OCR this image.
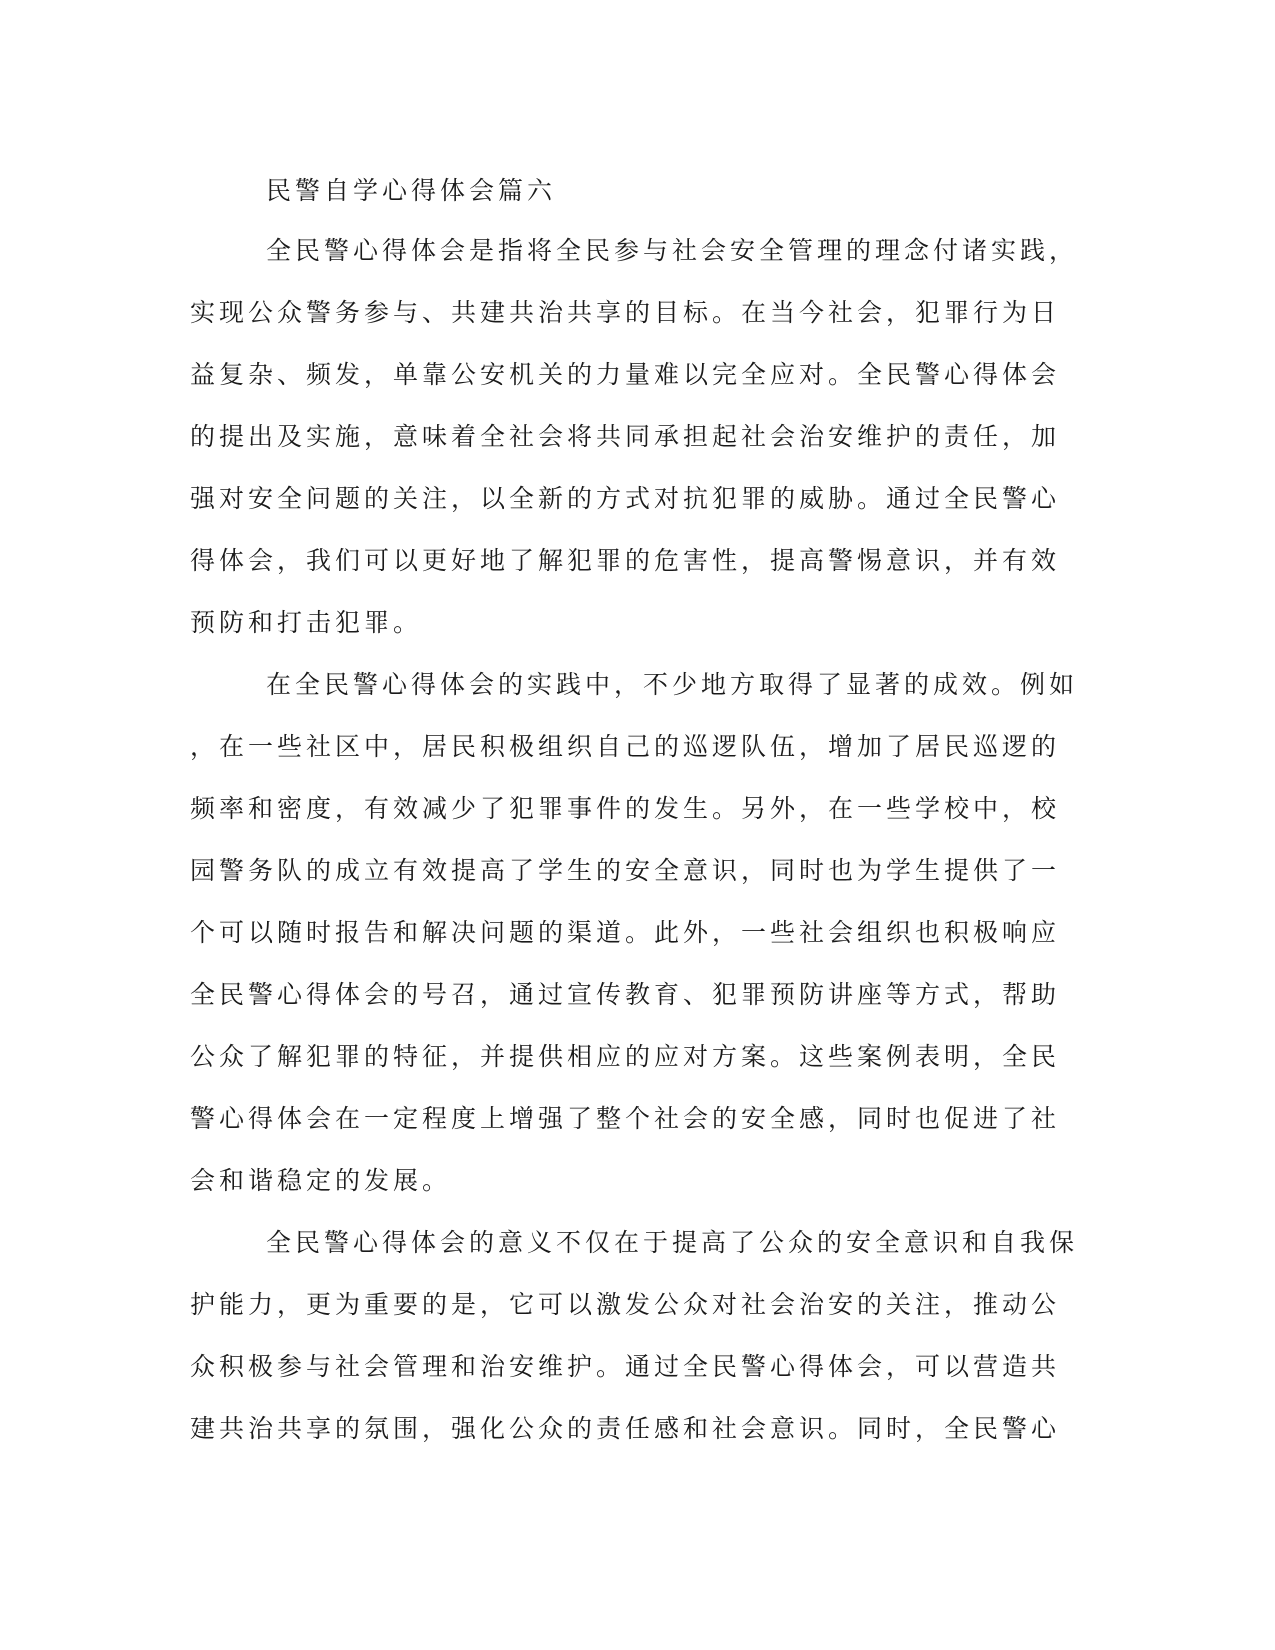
民警自学心得体会篇六

全民警心得体会是指将全民参与社会安全管理的理念付诸实践，
实现公众警务参与、共建共治共享的目标。在当今社会，犯罪行为日
益复杂、频发，单靠公安机关的力量难以完全应对。全民警心得体会
的提出及实施，意味着全社会将共同承担起社会治安维护的责任，加
强对安全问题的关注，以全新的方式对抗犯罪的威胁。通过全民警心
得体会，我们可以更好地了解犯罪的危害性，提高警惕意识，并有效
预防和打击犯罪。

在全民警心得体会的实践中，不少地方取得了显著的成效。例如
，在一些社区中，居民积极组织自己的巡逻队伍，增加了居民巡逻的
频率和密度，有效减少了犯罪事件的发生。另外，在一些学校中，校
园警务队的成立有效提高了学生的安全意识，同时也为学生提供了一
个可以随时报告和解决问题的渠道。此外，一些社会组织也积极响应
全民警心得体会的号召，通过宣传教育、犯罪预防讲座等方式，帮助
公众了解犯罪的特征，并提供相应的应对方案。这些案例表明，全民
警心得体会在一定程度上增强了整个社会的安全感，同时也促进了社
会和谐稳定的发展。

全民警心得体会的意义不仅在于提高了公众的安全意识和自我保
护能力，更为重要的是，它可以激发公众对社会治安的关注，推动公
众积极参与社会管理和治安维护。通过全民警心得体会，可以营造共
建共治共享的氛围，强化公众的责任感和社会意识。同时，全民警心
